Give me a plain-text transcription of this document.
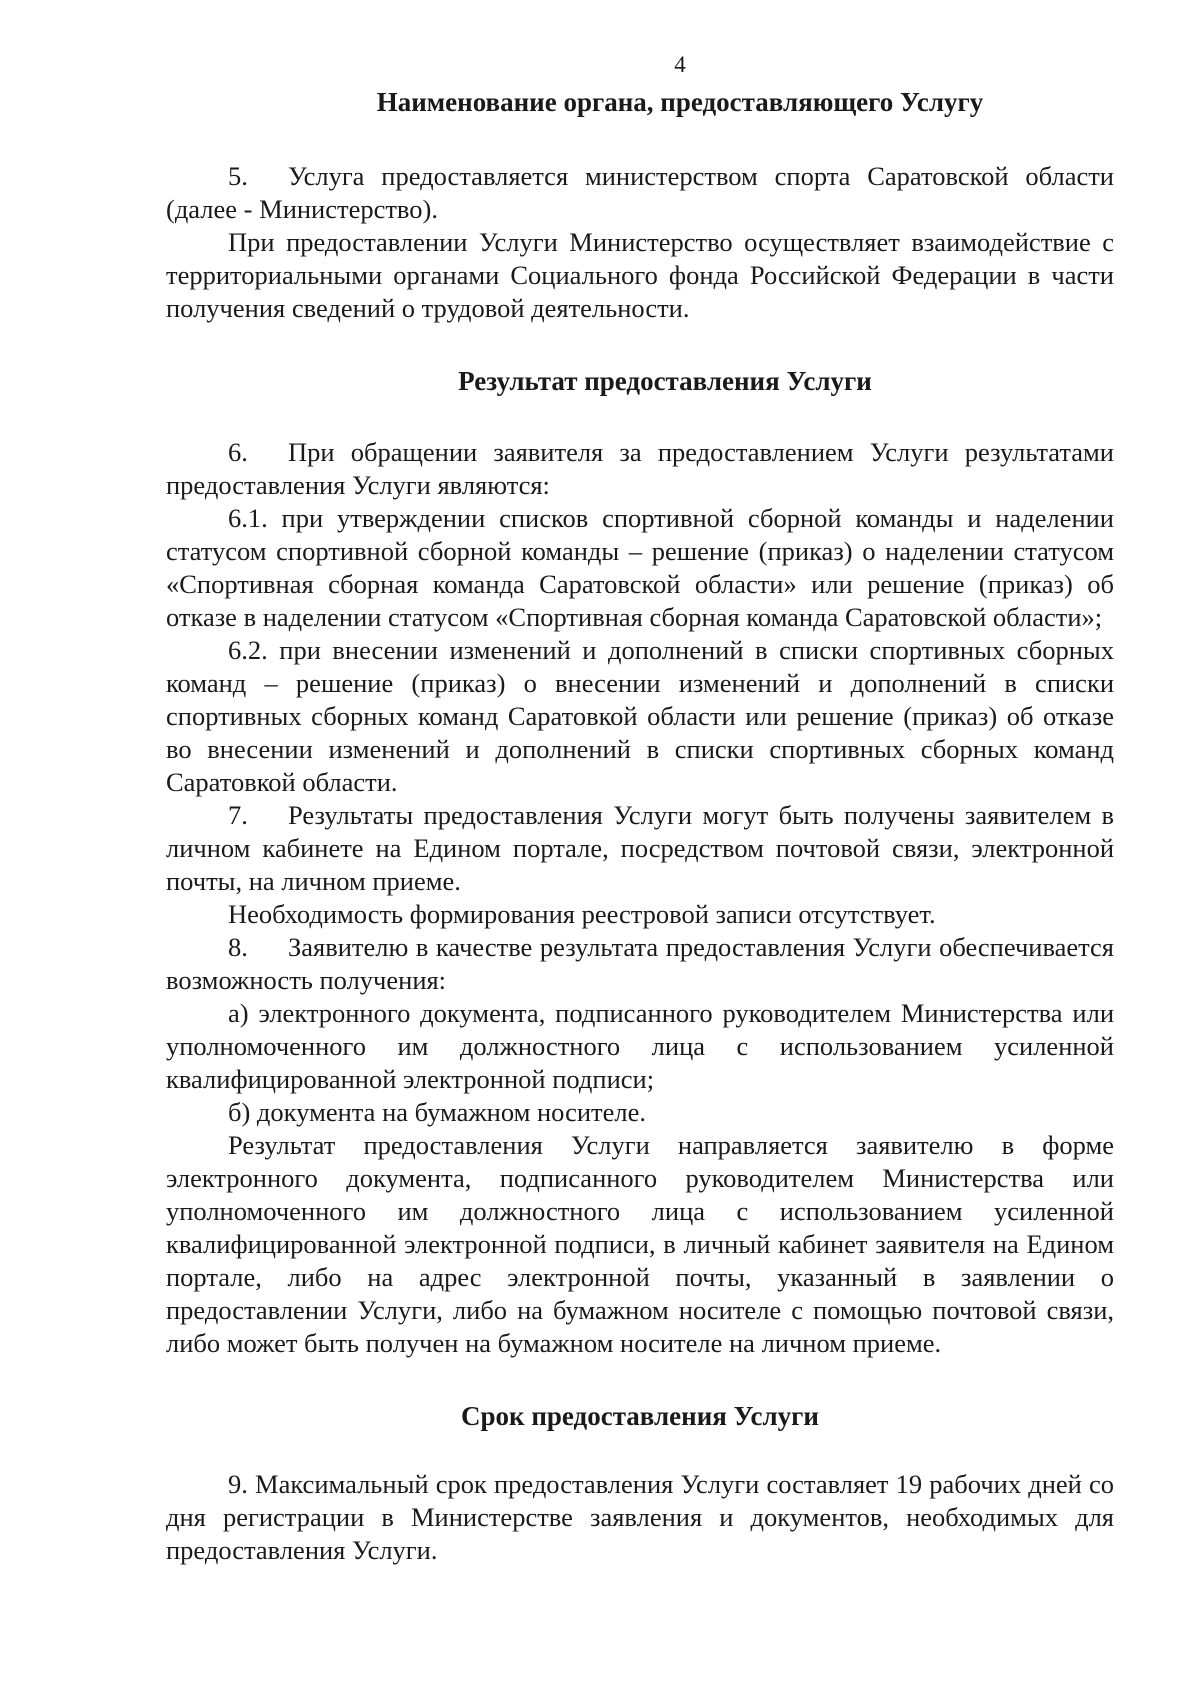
4
Наименование органа, предоставляющего Услугу

5. Услуга предоставляется министерством спорта Саратовской области (далее - Министерство).

При предоставлении Услуги Министерство осуществляет взаимодействие с территориальными органами Социального фонда Российской Федерации в части получения сведений о трудовой деятельности.

Результат предоставления Услуги

6. При обращении заявителя за предоставлением Услуги результатами предоставления Услуги являются:

6.1. при утверждении списков спортивной сборной команды и наделении статусом спортивной сборной команды – решение (приказ) о наделении статусом «Спортивная сборная команда Саратовской области» или решение (приказ) об отказе в наделении статусом «Спортивная сборная команда Саратовской области»;

6.2. при внесении изменений и дополнений в списки спортивных сборных команд – решение (приказ) о внесении изменений и дополнений в списки спортивных сборных команд Саратовкой области или решение (приказ) об отказе во внесении изменений и дополнений в списки спортивных сборных команд Саратовкой области.

7. Результаты предоставления Услуги могут быть получены заявителем в личном кабинете на Едином портале, посредством почтовой связи, электронной почты, на личном приеме.

Необходимость формирования реестровой записи отсутствует.

8. Заявителю в качестве результата предоставления Услуги обеспечивается возможность получения:

а) электронного документа, подписанного руководителем Министерства или уполномоченного им должностного лица с использованием усиленной квалифицированной электронной подписи;

б) документа на бумажном носителе.

Результат предоставления Услуги направляется заявителю в форме электронного документа, подписанного руководителем Министерства или уполномоченного им должностного лица с использованием усиленной квалифицированной электронной подписи, в личный кабинет заявителя на Едином портале, либо на адрес электронной почты, указанный в заявлении о предоставлении Услуги, либо на бумажном носителе с помощью почтовой связи, либо может быть получен на бумажном носителе на личном приеме.

Срок предоставления Услуги

9. Максимальный срок предоставления Услуги составляет 19 рабочих дней со дня регистрации в Министерстве заявления и документов, необходимых для предоставления Услуги.
